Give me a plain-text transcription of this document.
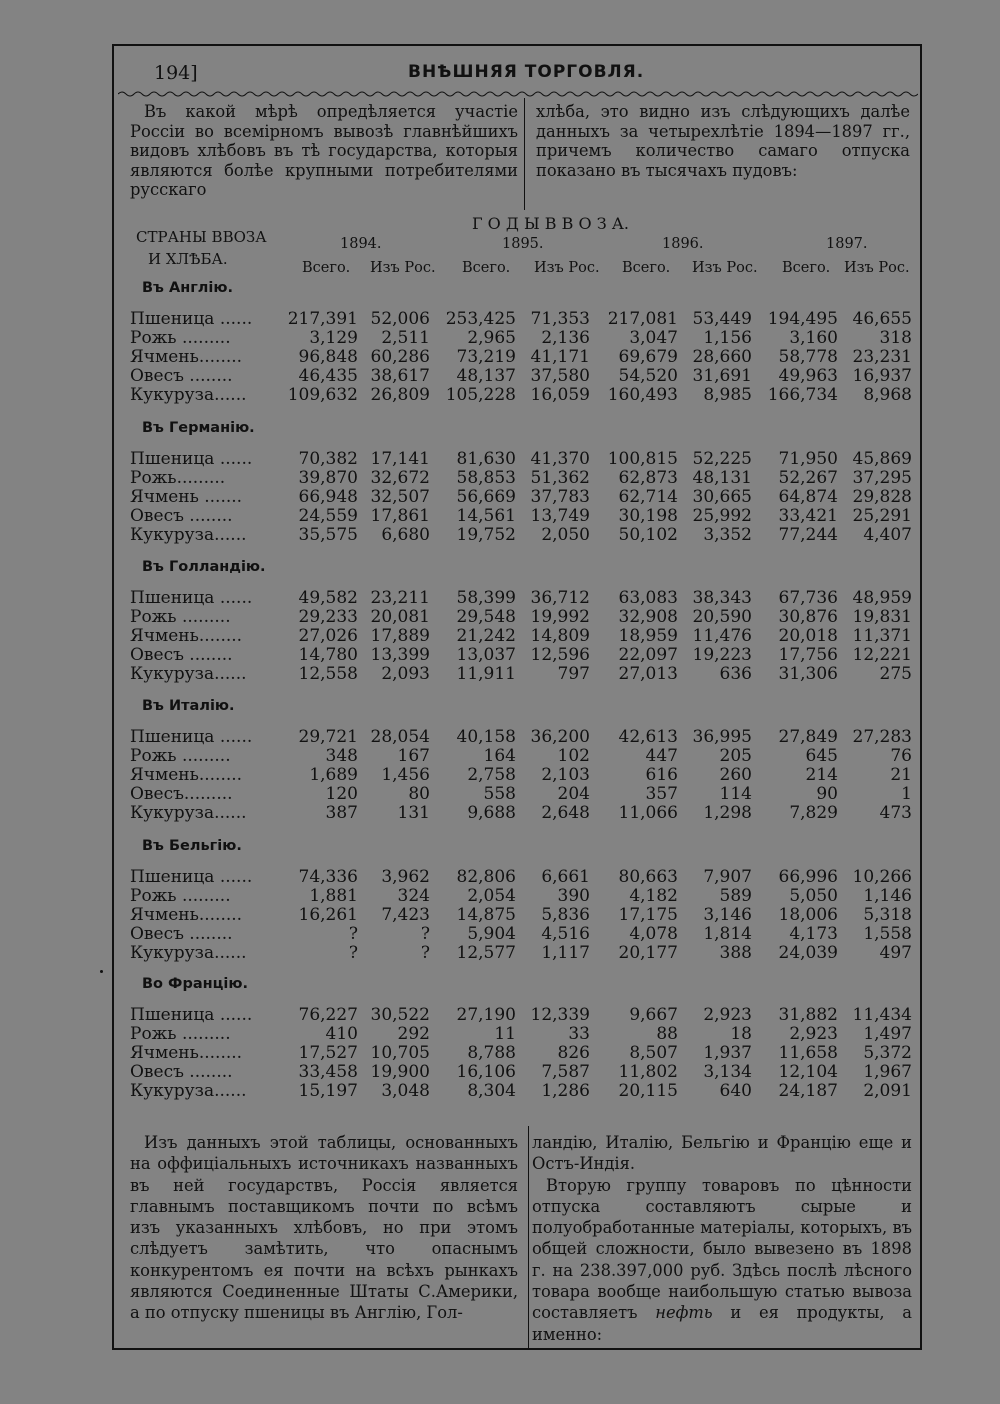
194]	ВНѢШНЯЯ ТОРГОВЛЯ.
Въ какой мѣрѣ опредѣляется участіе Россіи во всемірномъ вывозѣ главнѣйшихъ видовъ хлѣбовъ въ тѣ государства, которыя являются болѣе крупными потребителями русскаго
хлѣба, это видно изъ слѣдующихъ далѣе данныхъ за четырехлѣтіе 1894—1897 гг., причемъ количество самаго отпуска показано въ тысячахъ пудовъ:
СТРАНЫ ВВОЗА
И ХЛѢБА.
Г О Д Ы В В О З А.
1894.	1895.	1896.	1897.
Всего. Изъ Рос. Всего. Изъ Рос. Всего. Изъ Рос. Всего. Изъ Рос.
Въ Англію.
Пшеница ......	217,391 52,006 253,425 71,353 217,081 53,449 194,495 46,655
Рожь .........	3,129 2,511 2,965 2,136 3,047 1,156 3,160 318
Ячмень........	96,848 60,286 73,219 41,171 69,679 28,660 58,778 23,231
Овесъ ........	46,435 38,617 48,137 37,580 54,520 31,691 49,963 16,937
Кукуруза......	109,632 26,809 105,228 16,059 160,493 8,985 166,734 8,968
Въ Германію.
Пшеница ......	70,382 17,141 81,630 41,370 100,815 52,225 71,950 45,869
Рожь.........	39,870 32,672 58,853 51,362 62,873 48,131 52,267 37,295
Ячмень .......	66,948 32,507 56,669 37,783 62,714 30,665 64,874 29,828
Овесъ ........	24,559 17,861 14,561 13,749 30,198 25,992 33,421 25,291
Кукуруза......	35,575 6,680 19,752 2,050 50,102 3,352 77,244 4,407
Въ Голландію.
Пшеница ......	49,582 23,211 58,399 36,712 63,083 38,343 67,736 48,959
Рожь .........	29,233 20,081 29,548 19,992 32,908 20,590 30,876 19,831
Ячмень........	27,026 17,889 21,242 14,809 18,959 11,476 20,018 11,371
Овесъ ........	14,780 13,399 13,037 12,596 22,097 19,223 17,756 12,221
Кукуруза......	12,558 2,093 11,911 797 27,013 636 31,306 275
Въ Италію.
Пшеница ......	29,721 28,054 40,158 36,200 42,613 36,995 27,849 27,283
Рожь .........	348 167	164 102	447 205	645	76
Ячмень........	1,689 1,456 2,758 2,103	616 260	214	21
Овесъ.........	120	80	558 204	357 114	90	1
Кукуруза......	387 131 9,688 2,648 11,066 1,298 7,829 473
Въ Бельгію.
Пшеница ......	74,336 3,962 82,806 6,661 80,663 7,907 66,996 10,266
Рожь .........	1,881 324 2,054 390 4,182 589 5,050 1,146
Ячмень........	16,261 7,423 14,875 5,836 17,175 3,146 18,006 5,318
Овесъ ........	?	? 5,904 4,516 4,078 1,814 4,173 1,558
Кукуруза......	?	? 12,577 1,117 20,177 388 24,039 497
Во Францію.
Пшеница ......	76,227 30,522 27,190 12,339 9,667 2,923 31,882 11,434
Рожь .........	410 292	11	33	88	18 2,923 1,497
Ячмень........	17,527 10,705 8,788 826 8,507 1,937 11,658 5,372
Овесъ ........	33,458 19,900 16,106 7,587 11,802 3,134 12,104 1,967
Кукуруза......	15,197 3,048 8,304 1,286 20,115 640 24,187 2,091
Изъ данныхъ этой таблицы, основанныхъ на оффиціальныхъ источникахъ названныхъ въ ней государствъ, Россія является главнымъ поставщикомъ почти по всѣмъ изъ указанныхъ хлѣбовъ, но при этомъ слѣдуетъ замѣтить, что опаснымъ конкурентомъ ея почти на всѣхъ рынкахъ являются Соединенные Штаты С.Америки, а по отпуску пшеницы въ Англію, Гол-
ландію, Италію, Бельгію и Францію еще и Остъ-Индія.
Вторую группу товаровъ по цѣнности отпуска составляютъ сырые и полуобработанные матеріалы, которыхъ, въ общей сложности, было вывезено въ 1898 г. на 238.397,000 руб. Здѣсь послѣ лѣсного товара вообще наибольшую статью вывоза составляетъ нефть и ея продукты, а именно:
